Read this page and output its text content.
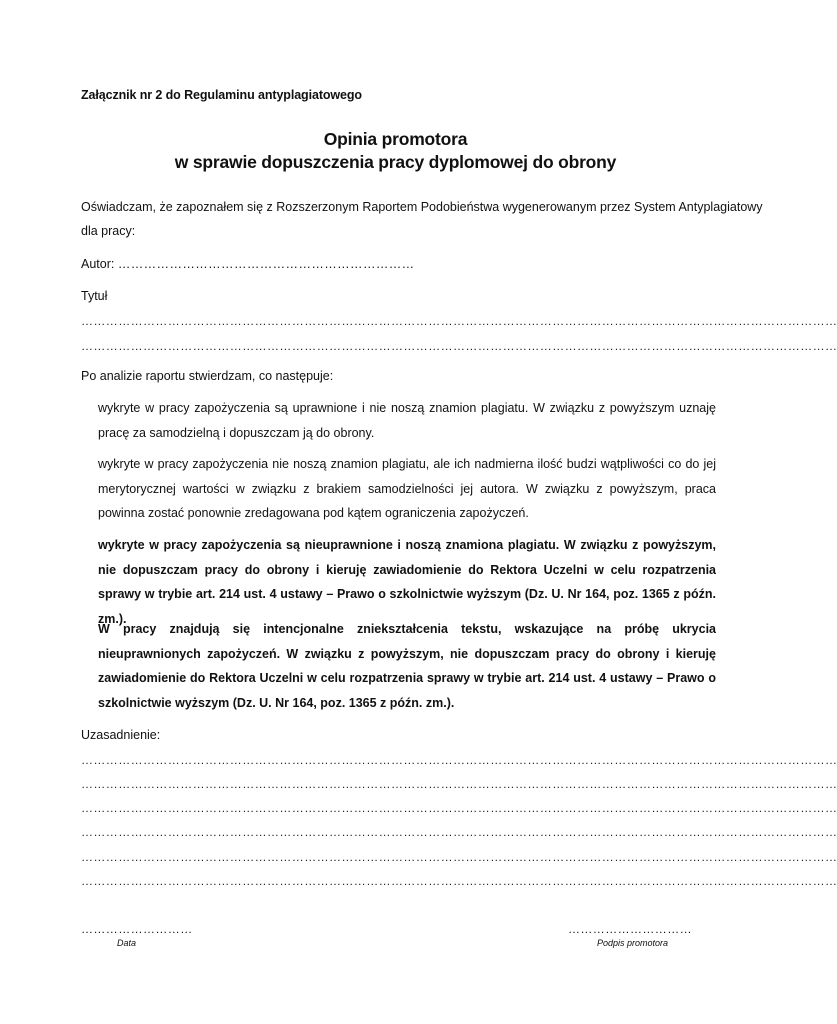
Załącznik nr 2 do Regulaminu antyplagiatowego
Opinia promotora
w sprawie dopuszczenia pracy dyplomowej do obrony
Oświadczam, że zapoznałem się z Rozszerzonym Raportem Podobieństwa wygenerowanym przez System Antyplagiatowy
dla pracy:
Autor: ……………………………………………………………
Tytuł
…………………………………………………………………………………………………………………………………………………………………
…………………………………………………………………………………………………………………………………………………………………
Po analizie raportu stwierdzam, co następuje:
wykryte w pracy zapożyczenia są uprawnione i nie noszą znamion plagiatu. W związku z powyższym uznaję pracę za samodzielną i dopuszczam ją do obrony.
wykryte w pracy zapożyczenia nie noszą znamion plagiatu, ale ich nadmierna ilość budzi wątpliwości co do jej merytorycznej wartości w związku z brakiem samodzielności jej autora. W związku z powyższym, praca powinna zostać ponownie zredagowana pod kątem ograniczenia zapożyczeń.
wykryte w pracy zapożyczenia są nieuprawnione i noszą znamiona plagiatu. W związku z powyższym, nie dopuszczam pracy do obrony i kieruję zawiadomienie do Rektora Uczelni w celu rozpatrzenia sprawy w trybie art. 214 ust. 4 ustawy – Prawo o szkolnictwie wyższym (Dz. U. Nr 164, poz. 1365 z późn. zm.).
W pracy znajdują się intencjonalne zniekształcenia tekstu, wskazujące na próbę ukrycia nieuprawnionych zapożyczeń. W związku z powyższym, nie dopuszczam pracy do obrony i kieruję zawiadomienie do Rektora Uczelni w celu rozpatrzenia sprawy w trybie art. 214 ust. 4 ustawy – Prawo o szkolnictwie wyższym (Dz. U. Nr 164, poz. 1365 z późn. zm.).
Uzasadnienie:
…………………………………………………………………………………………………………………………………………………………………
…………………………………………………………………………………………………………………………………………………………………
…………………………………………………………………………………………………………………………………………………………………
…………………………………………………………………………………………………………………………………………………………………
…………………………………………………………………………………………………………………………………………………………………
…………………………………………………………………………………………………………………………………………………………………
………………………
Data
…………………………
Podpis promotora
